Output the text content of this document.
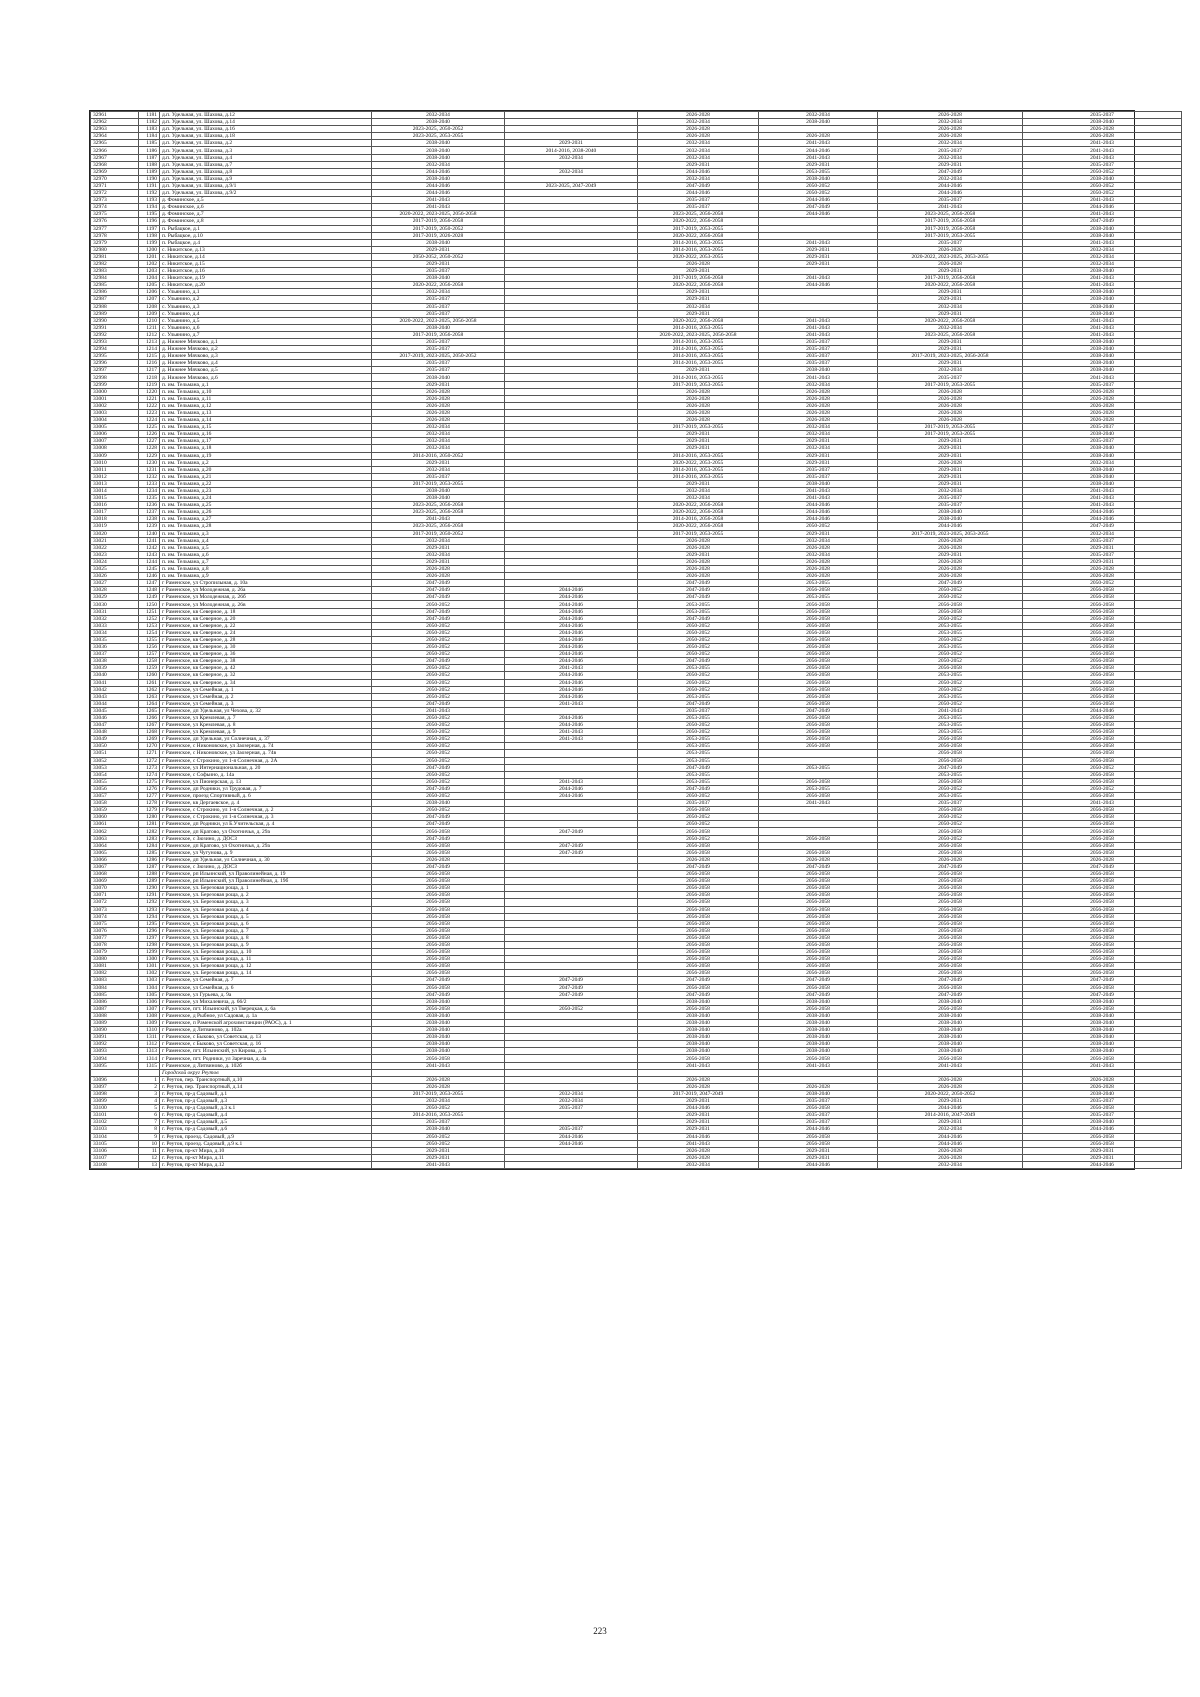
32961	1181	д.п. Удельная, ул. Шахова, д.12	2032-2034		2026-2028	2032-2034	2026-2028	2035-2037
32962	1182	д.п. Удельная, ул. Шахова, д.14	2038-2040		2032-2034	2038-2040	2032-2034	2038-2040
32963	1183	д.п. Удельная, ул. Шахова, д.16	2023-2025, 2050-2052		2026-2028		2026-2028	2026-2028
32964	1184	д.п. Удельная, ул. Шахова, д.18	2023-2025, 2053-2055		2026-2028	2026-2028	2026-2028	2026-2028
32965	1185	д.п. Удельная, ул. Шахова, д.2	2038-2040	2029-2031	2032-2034	2041-2043	2032-2034	2041-2043
32966	1186	д.п. Удельная, ул. Шахова, д.3	2038-2040	2014-2016, 2038-2040	2032-2034	2044-2046	2035-2037	2041-2043
32967	1187	д.п. Удельная, ул. Шахова, д.4	2038-2040	2032-2034	2032-2034	2041-2043	2032-2034	2041-2043
32968	1188	д.п. Удельная, ул. Шахова, д.7	2032-2034		2029-2031	2029-2031	2029-2031	2035-2037
32969	1189	д.п. Удельная, ул. Шахова, д.8	2044-2046	2032-2034	2044-2046	2053-2055	2047-2049	2050-2052
32970	1190	д.п. Удельная, ул. Шахова, д.9	2038-2040		2032-2034	2038-2040	2032-2034	2038-2040
32971	1191	д.п. Удельная, ул. Шахова, д.9/1	2044-2046	2023-2025, 2047-2049	2047-2049	2050-2052	2044-2046	2050-2052
32972	1192	д.п. Удельная, ул. Шахова, д.9/2	2044-2046		2044-2046	2050-2052	2044-2046	2050-2052
32973	1193	д. Фоминское, д.5	2041-2043		2035-2037	2044-2046	2035-2037	2041-2043
32974	1194	д. Фоминское, д.6	2041-2043		2035-2037	2047-2049	2041-2043	2044-2046
32975	1195	д. Фоминское, д.7	2020-2022, 2023-2025, 2056-2058		2023-2025, 2056-2058	2044-2046	2023-2025, 2056-2058	2041-2043
32976	1196	д. Фоминское, д.8	2017-2019, 2056-2058		2020-2022, 2056-2058		2017-2019, 2056-2058	2047-2049
32977	1197	п. Рыбацкое, д.1	2017-2019, 2050-2052		2017-2019, 2053-2055		2017-2019, 2056-2058	2038-2040
32978	1198	п. Рыбацкое, д.10	2017-2019, 2026-2028		2020-2022, 2056-2058		2017-2019, 2053-2055	2038-2040
32979	1199	п. Рыбацкое, д.4	2038-2040		2014-2016, 2053-2055	2041-2043	2035-2037	2041-2043
32980	1200	с. Никитское, д.13	2029-2031		2014-2016, 2053-2055	2029-2031	2026-2028	2032-2034
32981	1201	с. Никитское, д.14	2050-2052, 2050-2052		2020-2022, 2053-2055	2029-2031	2020-2022, 2023-2025, 2053-2055	2032-2034
32982	1202	с. Никитское, д.15	2029-2031		2026-2028	2029-2031	2026-2028	2032-2034
32983	1203	с. Никитское, д.16	2035-2037		2029-2031		2029-2031	2038-2040
32984	1204	с. Никитское, д.19	2038-2040		2017-2019, 2056-2058	2041-2043	2017-2019, 2056-2058	2041-2043
32985	1205	с. Никитское, д.20	2020-2022, 2056-2058		2020-2022, 2056-2058	2044-2046	2020-2022, 2056-2058	2041-2043
32986	1206	с. Ульянино, д.1	2032-2034		2029-2031		2029-2031	2038-2040
32987	1207	с. Ульянино, д.2	2035-2037		2029-2031		2029-2031	2038-2040
32988	1208	с. Ульянино, д.3	2035-2037		2032-2034		2032-2034	2038-2040
32989	1209	с. Ульянино, д.4	2035-2037		2029-2031		2029-2031	2038-2040
32990	1210	с. Ульянино, д.5	2020-2022, 2023-2025, 2056-2058		2020-2022, 2056-2058	2041-2043	2020-2022, 2056-2058	2041-2043
32991	1211	с. Ульянино, д.6	2038-2040		2014-2016, 2053-2055	2041-2043	2032-2034	2041-2043
32992	1212	с. Ульянино, д.7	2017-2019, 2056-2058		2020-2022, 2023-2025, 2056-2058	2041-2043	2023-2025, 2056-2058	2041-2043
32993	1213	д. Нижнее Мячково, д.1	2035-2037		2014-2016, 2053-2055	2035-2037	2029-2031	2038-2040
32994	1214	д. Нижнее Мячково, д.2	2035-2037		2014-2016, 2053-2055	2035-2037	2029-2031	2038-2040
32995	1215	д. Нижнее Мячково, д.3	2017-2019, 2023-2025, 2050-2052		2014-2016, 2053-2055	2035-2037	2017-2019, 2023-2025, 2056-2058	2038-2040
32996	1216	д. Нижнее Мячково, д.4	2035-2037		2014-2016, 2053-2055	2035-2037	2029-2031	2038-2040
32997	1217	д. Нижнее Мячково, д.5	2035-2037		2029-2031	2038-2040	2032-2034	2038-2040
32998	1218	д. Нижнее Мячково, д.6	2038-2040		2014-2016, 2053-2055	2041-2043	2035-2037	2041-2043
32999	1219	п. им. Тельмана, д.1	2029-2031		2017-2019, 2053-2055	2032-2034	2017-2019, 2053-2055	2035-2037
33000	1220	п. им. Тельмана, д.10	2026-2028		2026-2028	2026-2028	2026-2028	2026-2028
33001	1221	п. им. Тельмана, д.11	2026-2028		2026-2028	2026-2028	2026-2028	2026-2028
33002	1222	п. им. Тельмана, д.12	2026-2028		2026-2028	2026-2028	2026-2028	2026-2028
33003	1223	п. им. Тельмана, д.13	2026-2028		2026-2028	2026-2028	2026-2028	2026-2028
33004	1224	п. им. Тельмана, д.14	2026-2028		2026-2028	2026-2028	2026-2028	2026-2028
33005	1225	п. им. Тельмана, д.15	2032-2034		2017-2019, 2053-2055	2032-2034	2017-2019, 2053-2055	2035-2037
33006	1226	п. им. Тельмана, д.16	2032-2034		2029-2031	2032-2034	2017-2019, 2053-2055	2038-2040
33007	1227	п. им. Тельмана, д.17	2032-2034		2029-2031	2029-2031	2029-2031	2035-2037
33008	1228	п. им. Тельмана, д.18	2032-2034		2029-2031	2032-2034	2029-2031	2038-2040
33009	1229	п. им. Тельмана, д.19	2014-2016, 2050-2052		2014-2016, 2053-2055	2029-2031	2029-2031	2038-2040
33010	1230	п. им. Тельмана, д.2	2029-2031		2020-2022, 2053-2055	2029-2031	2026-2028	2032-2034
33011	1231	п. им. Тельмана, д.20	2032-2034		2014-2016, 2053-2055	2035-2037	2029-2031	2038-2040
33012	1232	п. им. Тельмана, д.21	2035-2037		2014-2016, 2053-2055	2035-2037	2029-2031	2038-2040
33013	1233	п. им. Тельмана, д.22	2017-2019, 2053-2055		2029-2031	2038-2040	2029-2031	2038-2040
33014	1234	п. им. Тельмана, д.23	2038-2040		2032-2034	2041-2043	2032-2034	2041-2043
33015	1235	п. им. Тельмана, д.24	2038-2040		2032-2034	2041-2043	2035-2037	2041-2043
33016	1236	п. им. Тельмана, д.25	2023-2025, 2056-2058		2020-2022, 2056-2058	2044-2046	2035-2037	2041-2043
33017	1237	п. им. Тельмана, д.26	2023-2025, 2056-2058		2020-2022, 2056-2058	2044-2046	2038-2040	2044-2046
33018	1238	п. им. Тельмана, д.27	2041-2043		2014-2016, 2056-2058	2044-2046	2038-2040	2044-2046
33019	1239	п. им. Тельмана, д.28	2023-2025, 2056-2058		2020-2022, 2056-2058	2050-2052	2044-2046	2047-2049
33020	1240	п. им. Тельмана, д.3	2017-2019, 2050-2052		2017-2019, 2053-2055	2029-2031	2017-2019, 2023-2025, 2053-2055	2032-2034
33021	1241	п. им. Тельмана, д.4	2032-2034		2026-2028	2032-2034	2026-2028	2035-2037
33022	1242	п. им. Тельмана, д.5	2029-2031		2026-2028	2026-2028	2026-2028	2029-2031
33023	1243	п. им. Тельмана, д.6	2032-2034		2029-2031	2032-2034	2029-2031	2035-2037
33024	1244	п. им. Тельмана, д.7	2029-2031		2026-2028	2026-2028	2026-2028	2029-2031
33025	1245	п. им. Тельмана, д.8	2026-2028		2026-2028	2026-2028	2026-2028	2026-2028
33026	1246	п. им. Тельмана, д.9	2026-2028		2026-2028	2026-2028	2026-2028	2026-2028
33027	1247	г Раменское, ул Стропилыная, д. 10а	2047-2049		2047-2049	2053-2055	2047-2049	2050-2052
33028	1248	г Раменское, ул Молодежная, д. 26а	2047-2049	2044-2046	2047-2049	2056-2058	2050-2052	2056-2058
33029	1249	г Раменское, ул Молодежная, д. 26б	2047-2049	2044-2046	2047-2049	2053-2055	2050-2052	2056-2058
33030	1250	г Раменское, ул Молодежная, д. 26в	2050-2052	2044-2046	2053-2055	2056-2058	2056-2058	2056-2058
33031	1251	г Раменское, кв Северное, д. 18	2047-2049	2044-2046	2053-2055	2056-2058	2056-2058	2056-2058
33032	1252	г Раменское, кв Северное, д. 20	2047-2049	2044-2046	2047-2049	2056-2058	2050-2052	2056-2058
33033	1253	г Раменское, кв Северное, д. 22	2050-2052	2044-2046	2050-2052	2056-2058	2053-2055	2056-2058
33034	1254	г Раменское, кв Северное, д. 24	2050-2052	2044-2046	2050-2052	2056-2058	2053-2055	2056-2058
33035	1255	г Раменское, кв Северное, д. 28	2050-2052	2044-2046	2050-2052	2056-2058	2050-2052	2056-2058
33036	1256	г Раменское, кв Северное, д. 30	2050-2052	2044-2046	2050-2052	2056-2058	2053-2055	2056-2058
33037	1257	г Раменское, кв Северное, д. 36	2050-2052	2044-2046	2050-2052	2056-2058	2050-2052	2056-2058
33038	1258	г Раменское, кв Северное, д. 38	2047-2049	2044-2046	2047-2049	2056-2058	2050-2052	2056-2058
33039	1259	г Раменское, кв Северное, д. 42	2050-2052	2041-2043	2053-2055	2056-2058	2056-2058	2056-2058
33040	1260	г Раменское, кв Северное, д. 32	2050-2052	2044-2046	2050-2052	2056-2058	2053-2055	2056-2058
33041	1261	г Раменское, кв Северное, д. 34	2050-2052	2044-2046	2050-2052	2056-2058	2050-2052	2056-2058
33042	1262	г Раменское, ул Семейная, д. 1	2050-2052	2044-2046	2050-2052	2056-2058	2050-2052	2056-2058
33043	1263	г Раменское, ул Семейная, д. 2	2050-2052	2044-2046	2053-2055	2056-2058	2053-2055	2056-2058
33044	1264	г Раменское, ул Семейная, д. 3	2047-2049	2041-2043	2047-2049	2056-2058	2050-2052	2056-2058
33045	1265	г Раменское, дп Удельная, ул Чехова, д. 32	2041-2043		2035-2037	2047-2049	2041-2043	2044-2046
33046	1266	г Раменское, ул Кремлевая, д. 7	2050-2052	2044-2046	2053-2055	2056-2058	2053-2055	2056-2058
33047	1267	г Раменское, ул Кремлевая, д. 8	2050-2052	2044-2046	2050-2052	2056-2058	2053-2055	2056-2058
33048	1268	г Раменское, ул Кремлевая, д. 9	2050-2052	2041-2043	2050-2052	2056-2058	2053-2055	2056-2058
33049	1269	г Раменское, дп Удельная, ул Солнечная, д. 37	2050-2052	2041-2043	2053-2055	2056-2058	2056-2058	2056-2058
33050	1270	г Раменское, с Никоновское, ул Заозерная, д. 74	2050-2052		2053-2055	2056-2058	2056-2058	2056-2058
33051	1271	г Раменское, с Никоновское, ул Заозерная, д. 74в	2050-2052		2053-2055		2056-2058	2056-2058
33052	1272	г Раменское, с Строкино, ул 1-я Солнечная, д. 2А	2050-2052		2053-2055		2056-2058	2056-2058
33053	1273	г Раменское, ул Интернациональная, д. 20	2047-2049		2047-2049	2053-2055	2047-2049	2050-2052
33054	1274	г Раменское, с Софьино, д. 14а	2050-2052		2053-2055		2053-2055	2056-2058
33055	1275	г Раменское, ул Пионерская, д. 13	2050-2052	2041-2043	2053-2055	2056-2058	2056-2058	2056-2058
33056	1276	г Раменское, дп Родники, ул Трудовая, д. 7	2047-2049	2044-2046	2047-2049	2053-2055	2050-2052	2050-2052
33057	1277	г Раменское, проезд Спортивный, д. 6	2050-2052	2044-2046	2050-2052	2056-2058	2053-2055	2056-2058
33058	1278	г Раменское, кв Дергаевское, д. 4	2038-2040		2035-2037	2041-2043	2035-2037	2041-2043
33059	1279	г Раменское, с Строкино, ул 1-я Солнечная, д. 2	2050-2052		2056-2058		2056-2058	2056-2058
33060	1280	г Раменское, с Строкино, ул 1-я Солнечная, д. 3	2047-2049		2050-2052		2050-2052	2056-2058
33061	1281	г Раменское, дп Родники, ул Б.Учительская, д. 4	2047-2049		2050-2052		2050-2052	2056-2058
33062	1282	г Раменское, дп Кратово, ул Охотничья, д. 29а	2056-2058	2047-2049	2056-2058		2056-2058	2056-2058
33063	1283	г Раменское, с Зюзино, д. ДОСЗ	2047-2049		2050-2052	2056-2058	2050-2052	2056-2058
33064	1284	г Раменское, дп Кратово, ул Охотничья, д. 29а	2056-2058	2047-2049	2056-2058		2056-2058	2056-2058
33065	1285	г Раменское, ул Чугунова, д. 9	2056-2058	2047-2049	2056-2058	2056-2058	2056-2058	2056-2058
33066	1286	г Раменское, дп Удельная, ул Солнечная, д. 30	2026-2028		2026-2028	2026-2028	2026-2028	2026-2028
33067	1287	г Раменское, с Зюзино, д. ДОСЗ	2047-2049		2047-2049	2047-2049	2047-2049	2047-2049
33068	1288	г Раменское, рп Ильинский, ул Праволинейная, д. 19	2056-2058		2056-2058	2056-2058	2056-2058	2056-2058
33069	1289	г Раменское, рп Ильинский, ул Праволинейная, д. 19б	2056-2058		2056-2058	2056-2058	2056-2058	2056-2058
33070	1290	г Раменское, ул. Березовая роща, д. 1	2056-2058		2056-2058	2056-2058	2056-2058	2056-2058
33071	1291	г Раменское, ул. Березовая роща, д. 2	2056-2058		2056-2058	2056-2058	2056-2058	2056-2058
33072	1292	г Раменское, ул. Березовая роща, д. 3	2056-2058		2056-2058	2056-2058	2056-2058	2056-2058
33073	1293	г Раменское, ул. Березовая роща, д. 4	2056-2058		2056-2058	2056-2058	2056-2058	2056-2058
33074	1294	г Раменское, ул. Березовая роща, д. 5	2056-2058		2056-2058	2056-2058	2056-2058	2056-2058
33075	1295	г Раменское, ул. Березовая роща, д. 6	2056-2058		2056-2058	2056-2058	2056-2058	2056-2058
33076	1296	г Раменское, ул. Березовая роща, д. 7	2056-2058		2056-2058	2056-2058	2056-2058	2056-2058
33077	1297	г Раменское, ул. Березовая роща, д. 8	2056-2058		2056-2058	2056-2058	2056-2058	2056-2058
33078	1298	г Раменское, ул. Березовая роща, д. 9	2056-2058		2056-2058	2056-2058	2056-2058	2056-2058
33079	1299	г Раменское, ул. Березовая роща, д. 10	2056-2058		2056-2058	2056-2058	2056-2058	2056-2058
33080	1300	г Раменское, ул. Березовая роща, д. 11	2056-2058		2056-2058	2056-2058	2056-2058	2056-2058
33081	1301	г Раменское, ул. Березовая роща, д. 12	2056-2058		2056-2058	2056-2058	2056-2058	2056-2058
33082	1302	г Раменское, ул. Березовая роща, д. 14	2056-2058		2056-2058	2056-2058	2056-2058	2056-2058
33083	1303	г Раменское, ул Семейная, д. 7	2047-2049	2047-2049	2047-2049	2047-2049	2047-2049	2047-2049
33084	1304	г Раменское, ул Семейная, д. 6	2056-2058	2047-2049	2056-2058	2056-2058	2056-2058	2056-2058
33085	1305	г Раменское, ул Гурьева, д. 9а	2047-2049	2047-2049	2047-2049	2047-2049	2047-2049	2047-2049
33086	1306	г Раменское, ул Михалевича, д. 66/2	2038-2040		2038-2040	2038-2040	2038-2040	2038-2040
33087	1307	г Раменское, пгт. Ильинский, ул Тверецкая, д. 6а	2056-2058	2050-2052	2056-2058	2056-2058	2056-2058	2056-2058
33088	1308	г Раменское, д Рыбное, ул Садовая, д. 1а	2038-2040		2038-2040	2038-2040	2038-2040	2038-2040
33089	1309	г Раменское, п Раменской агрохимстанции (РАОС), д. 1	2038-2040		2038-2040	2038-2040	2038-2040	2038-2040
33090	1310	г Раменское, д Литвиново, д. 102а	2038-2040		2038-2040	2038-2040	2038-2040	2038-2040
33091	1311	г Раменское, с Быково, ул Советская, д. 13	2038-2040		2038-2040	2038-2040	2038-2040	2038-2040
33092	1312	г Раменское, с Быково, ул Советская, д. 16	2038-2040		2038-2040	2038-2040	2038-2040	2038-2040
33093	1313	г Раменское, пгт. Ильинский, ул Кирова, д. 5	2038-2040		2038-2040	2038-2040	2038-2040	2038-2040
33094	1314	г Раменское, пгт. Родники, ул Заречная, д. 4а	2056-2058		2056-2058	2056-2058	2056-2058	2056-2058
33095	1315	г Раменское, д Литвиново, д. 102б	2041-2043		2041-2043	2041-2043	2041-2043	2041-2043
		Городской округ Реутов						
33096	1	г. Реутов, пер. Транспортный, д.10	2026-2028		2026-2028		2026-2028	2026-2028
33097	2	г. Реутов, пер. Транспортный, д.14	2026-2028		2026-2028	2026-2028	2026-2028	2026-2028
33098	3	г. Реутов, пр-д Садовый, д.1	2017-2019, 2053-2055	2032-2034	2017-2019, 2047-2049	2038-2040	2020-2022, 2050-2052	2038-2040
33099	4	г. Реутов, пр-д Садовый, д.3	2032-2034	2032-2034	2029-2031	2035-2037	2029-2031	2035-2037
33100	5	г. Реутов, пр-д Садовый, д.3 к.1	2050-2052	2035-2037	2044-2046	2056-2058	2044-2046	2056-2058
33101	6	г. Реутов, пр-д Садовый, д.4	2014-2016, 2053-2055		2029-2031	2035-2037	2014-2016, 2047-2049	2035-2037
33102	7	г. Реутов, пр-д Садовый, д.5	2035-2037		2029-2031	2035-2037	2029-2031	2038-2040
33103	8	г. Реутов, пр-д Садовый, д.6	2038-2040	2035-2037	2029-2031	2044-2046	2032-2034	2044-2046
33104	9	г. Реутов, проезд. Садовый, д.9	2050-2052	2044-2046	2044-2046	2056-2058	2044-2046	2056-2058
33105	10	г. Реутов, проезд. Садовый, д.9 к.1	2050-2052	2044-2046	2041-2043	2056-2058	2044-2046	2056-2058
33106	11	г. Реутов, пр-кт Мира, д.10	2029-2031		2026-2028	2029-2031	2026-2028	2029-2031
33107	12	г. Реутов, пр-кт Мира, д.11	2029-2031		2026-2028	2029-2031	2026-2028	2029-2031
33108	13	г. Реутов, пр-кт Мира, д.12	2041-2043		2032-2034	2044-2046	2032-2034	2044-2046
223
